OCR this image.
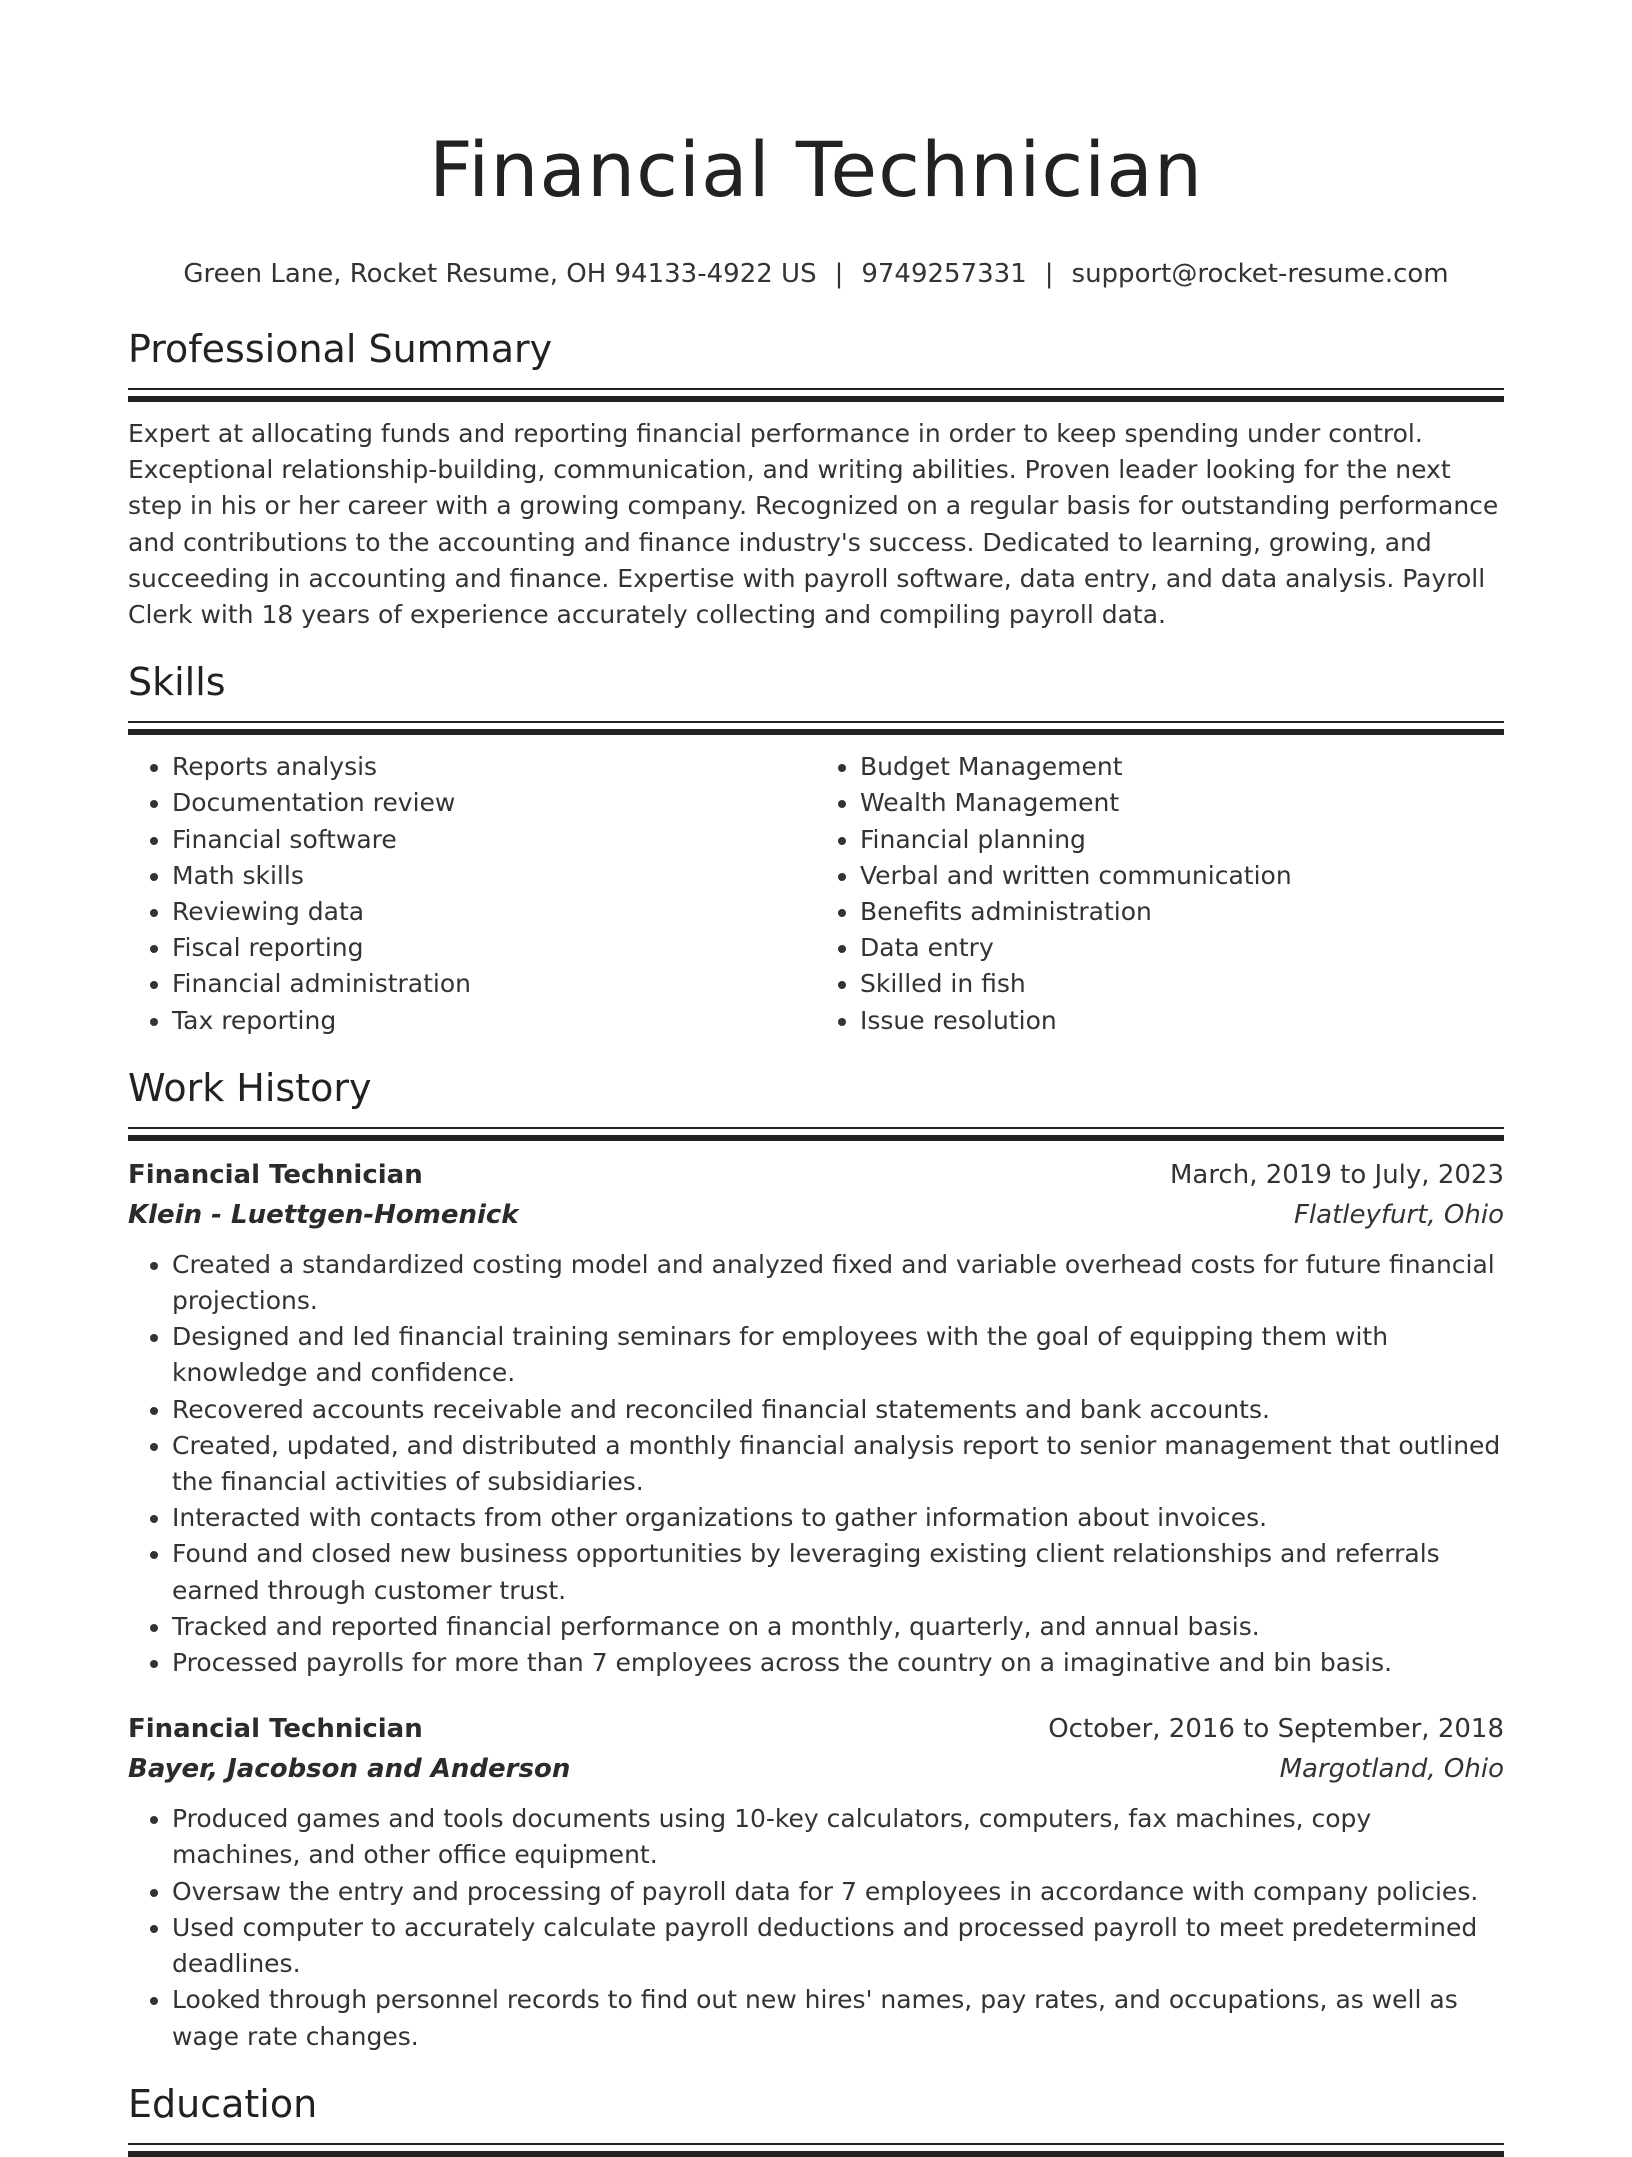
Financial Technician
Green Lane, Rocket Resume, OH 94133-4922 US | 9749257331 | support@rocket-resume.com
Professional Summary

Expert at allocating funds and reporting financial performance in order to keep spending under control. Exceptional relationship-building, communication, and writing abilities. Proven leader looking for the next step in his or her career with a growing company. Recognized on a regular basis for outstanding performance and contributions to the accounting and finance industry's success. Dedicated to learning, growing, and succeeding in accounting and finance. Expertise with payroll software, data entry, and data analysis. Payroll Clerk with 18 years of experience accurately collecting and compiling payroll data.

Skills
• Reports analysis
• Documentation review
• Financial software
• Math skills
• Reviewing data
• Fiscal reporting
• Financial administration
• Tax reporting
• Budget Management
• Wealth Management
• Financial planning
• Verbal and written communication
• Benefits administration
• Data entry
• Skilled in fish
• Issue resolution
Work History
Financial Technician	March, 2019 to July, 2023
Klein - Luettgen-Homenick	Flatleyfurt, Ohio
• Created a standardized costing model and analyzed fixed and variable overhead costs for future financial projections.
• Designed and led financial training seminars for employees with the goal of equipping them with knowledge and confidence.
• Recovered accounts receivable and reconciled financial statements and bank accounts.
• Created, updated, and distributed a monthly financial analysis report to senior management that outlined the financial activities of subsidiaries.
• Interacted with contacts from other organizations to gather information about invoices.
• Found and closed new business opportunities by leveraging existing client relationships and referrals earned through customer trust.
• Tracked and reported financial performance on a monthly, quarterly, and annual basis.
• Processed payrolls for more than 7 employees across the country on a imaginative and bin basis.
Financial Technician	October, 2016 to September, 2018
Bayer, Jacobson and Anderson	Margotland, Ohio
• Produced games and tools documents using 10-key calculators, computers, fax machines, copy machines, and other office equipment.
• Oversaw the entry and processing of payroll data for 7 employees in accordance with company policies.
• Used computer to accurately calculate payroll deductions and processed payroll to meet predetermined deadlines.
• Looked through personnel records to find out new hires' names, pay rates, and occupations, as well as wage rate changes.
Education
